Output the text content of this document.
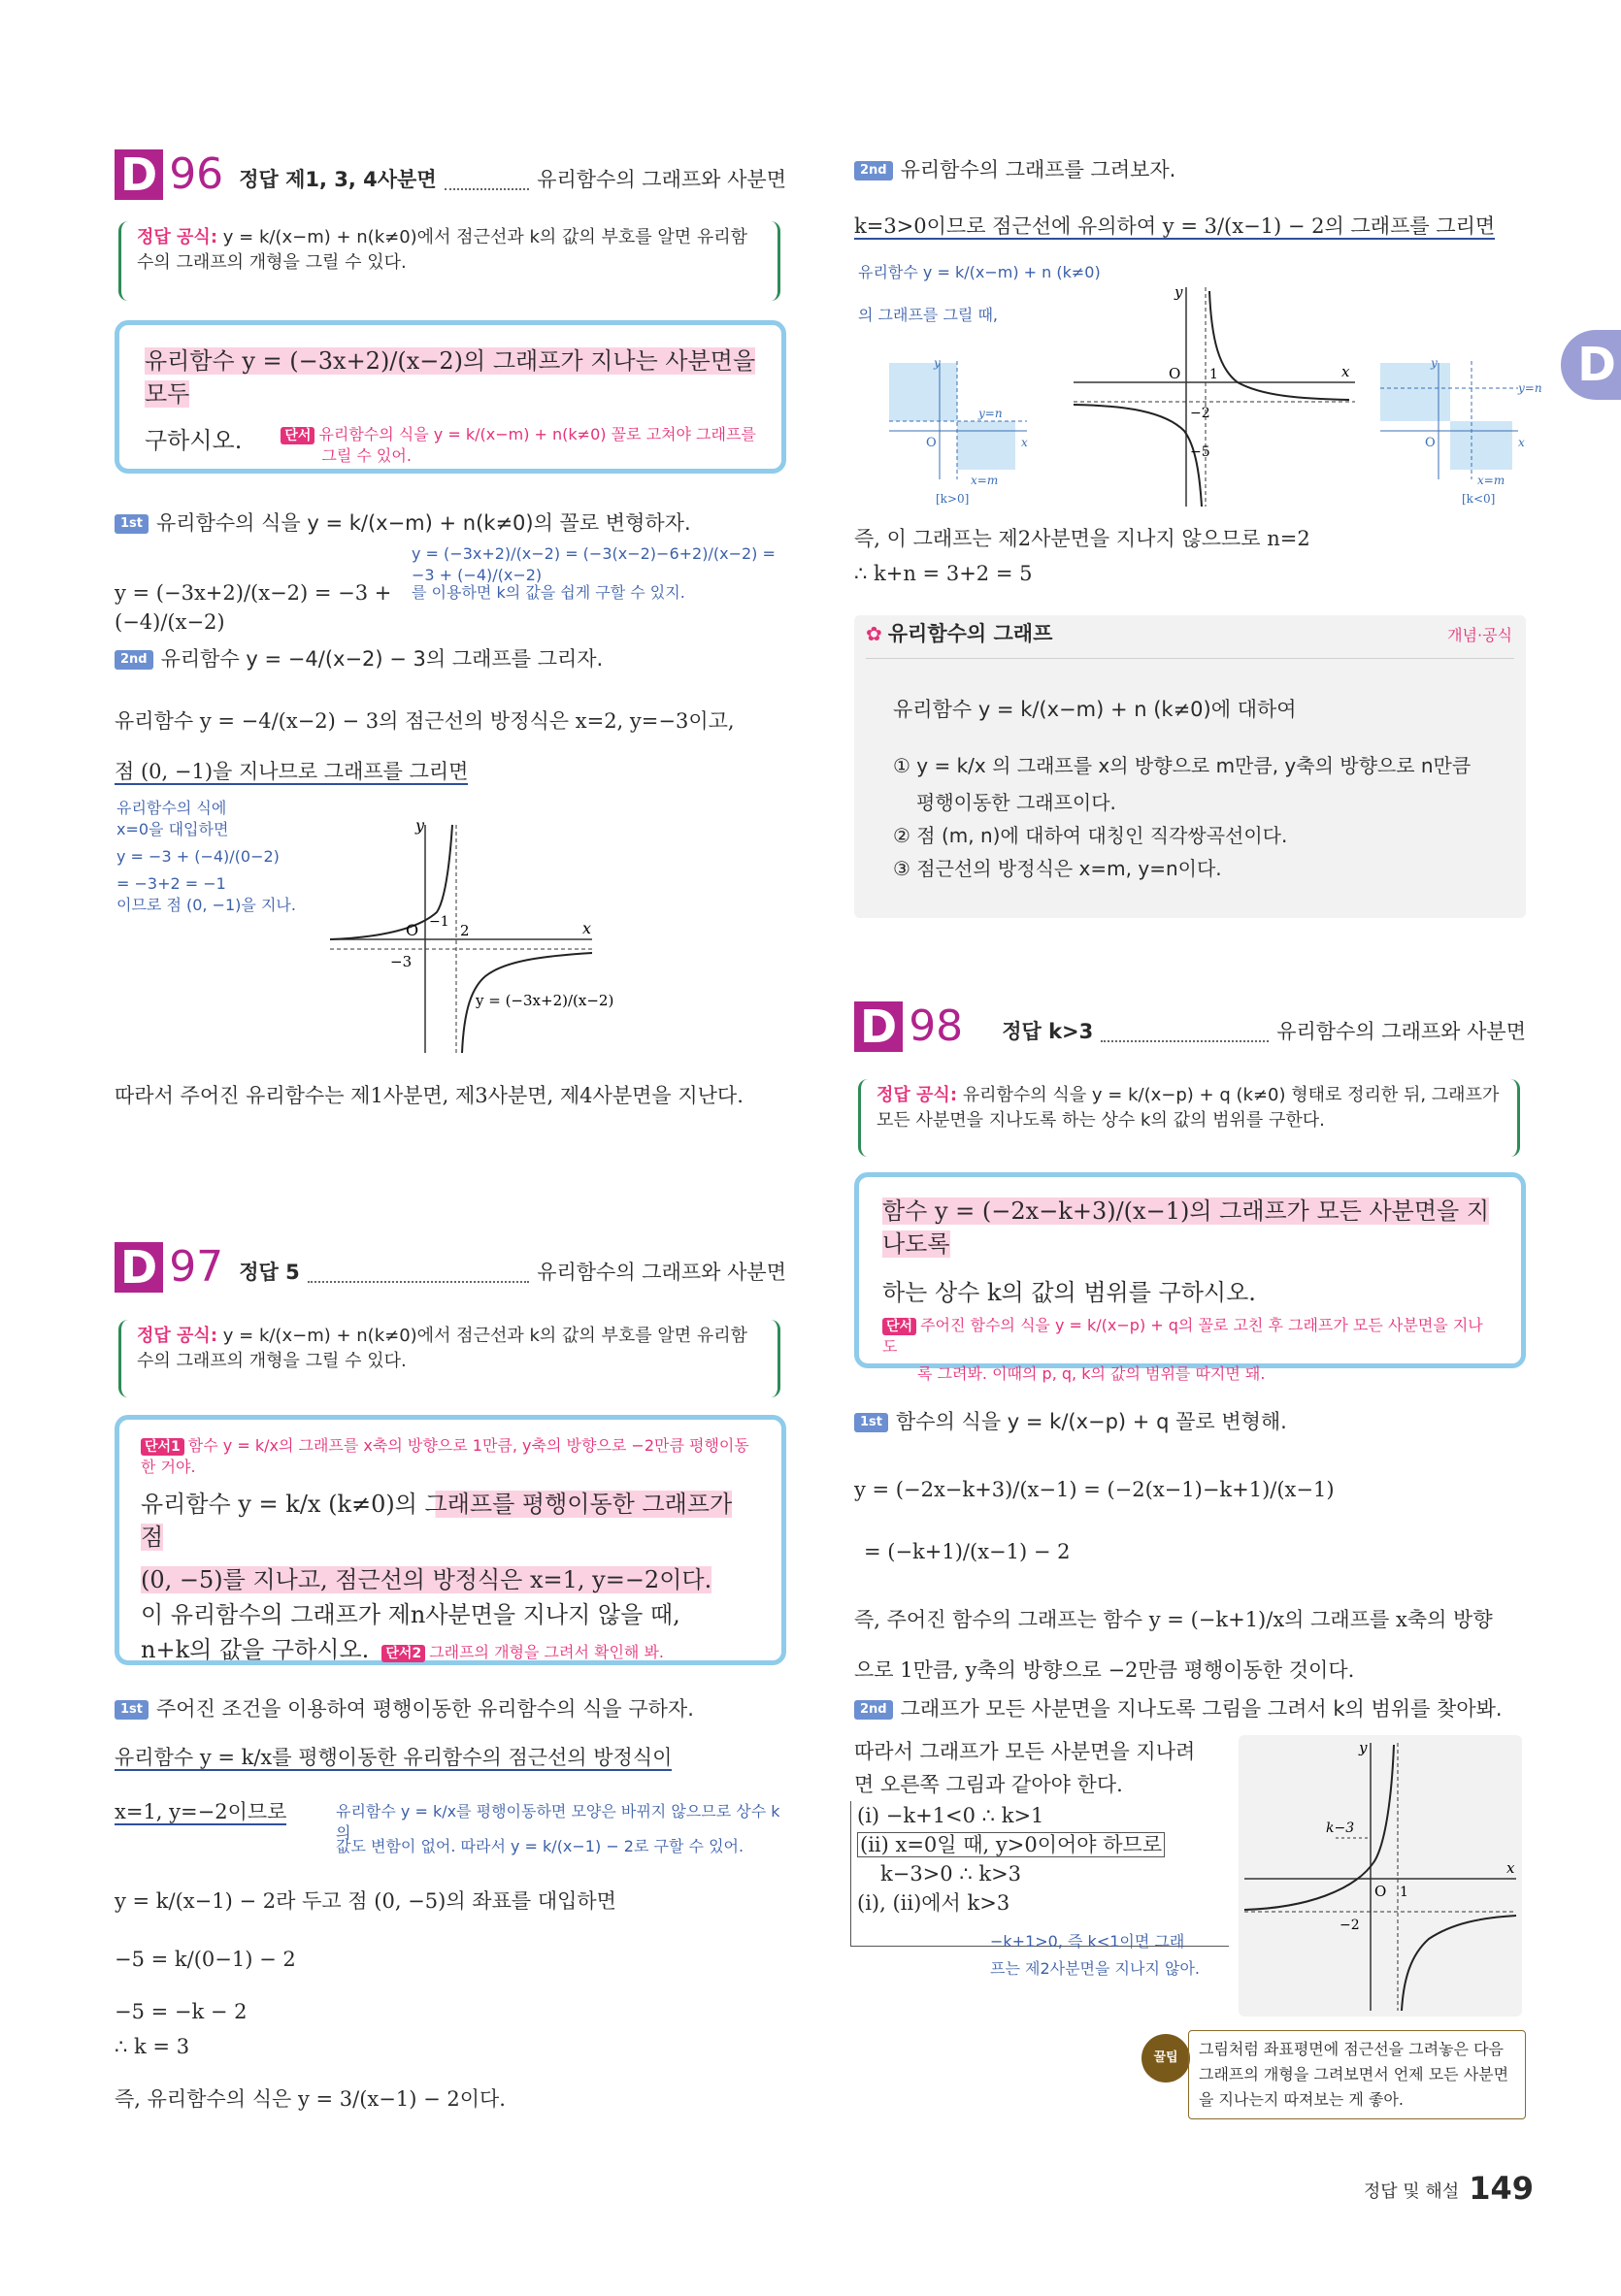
D
D 96 정답 제1, 3, 4사분면	유리함수의 그래프와 사분면
정답 공식: y = k/(x−m) + n(k≠0)에서 점근선과 k의 값의 부호를 알면 유리함
수의 그래프의 개형을 그릴 수 있다.
유리함수 y = (−3x+2)/(x−2)의 그래프가 지나는 사분면을 모두
구하시오.	단서 유리함수의 식을 y = k/(x−m) + n(k≠0) 꼴로 고쳐야 그래프를
그릴 수 있어.
1st 유리함수의 식을 y = k/(x−m) + n(k≠0)의 꼴로 변형하자.
y = (−3x+2)/(x−2) = (−3(x−2)−6+2)/(x−2) = −3 + (−4)/(x−2)
y = (−3x+2)/(x−2) = −3 + (−4)/(x−2)
를 이용하면 k의 값을 쉽게 구할 수 있지.
2nd 유리함수 y = −4/(x−2) − 3의 그래프를 그리자.
유리함수 y = −4/(x−2) − 3의 점근선의 방정식은 x=2, y=−3이고,
점 (0, −1)을 지나므로 그래프를 그리면
유리함수의 식에
x=0을 대입하면
y = −3 + (−4)/(0−2)
= −3+2 = −1
이므로 점 (0, −1)을 지나.
y
x
O	2
−1
−3
y = (−3x+2)/(x−2)
따라서 주어진 유리함수는 제1사분면, 제3사분면, 제4사분면을 지난다.
D 97 정답 5	유리함수의 그래프와 사분면
정답 공식: y = k/(x−m) + n(k≠0)에서 점근선과 k의 값의 부호를 알면 유리함
수의 그래프의 개형을 그릴 수 있다.
단서1 함수 y = k/x의 그래프를 x축의 방향으로 1만큼, y축의 방향으로 −2만큼 평행이동한 거야.
유리함수 y = k/x (k≠0)의 그래프를 평행이동한 그래프가 점
(0, −5)를 지나고, 점근선의 방정식은 x=1, y=−2이다.
이 유리함수의 그래프가 제n사분면을 지나지 않을 때,
n+k의 값을 구하시오. 단서2 그래프의 개형을 그려서 확인해 봐.
1st 주어진 조건을 이용하여 평행이동한 유리함수의 식을 구하자.
유리함수 y = k/x를 평행이동한 유리함수의 점근선의 방정식이
x=1, y=−2이므로	유리함수 y = k/x를 평행이동하면 모양은 바뀌지 않으므로 상수 k의
값도 변함이 없어. 따라서 y = k/(x−1) − 2로 구할 수 있어.
y = k/(x−1) − 2라 두고 점 (0, −5)의 좌표를 대입하면
−5 = k/(0−1) − 2
−5 = −k − 2
∴ k = 3
즉, 유리함수의 식은 y = 3/(x−1) − 2이다.
2nd 유리함수의 그래프를 그려보자.
k=3>0이므로 점근선에 유의하여 y = 3/(x−1) − 2의 그래프를 그리면
유리함수 y = k/(x−m) + n (k≠0)
의 그래프를 그릴 때,
y
x
O
y=n
x=m
[k>0]
y
x
O 1
−2
−5
y
x
O
y=n
x=m
[k<0]
즉, 이 그래프는 제2사분면을 지나지 않으므로 n=2
∴ k+n = 3+2 = 5
✿ 유리함수의 그래프	개념·공식
유리함수 y = k/(x−m) + n (k≠0)에 대하여
① y = k/x 의 그래프를 x의 방향으로 m만큼, y축의 방향으로 n만큼
평행이동한 그래프이다.
② 점 (m, n)에 대하여 대칭인 직각쌍곡선이다.
③ 점근선의 방정식은 x=m, y=n이다.
D 98 정답 k>3	유리함수의 그래프와 사분면
정답 공식: 유리함수의 식을 y = k/(x−p) + q (k≠0) 형태로 정리한 뒤, 그래프가
모든 사분면을 지나도록 하는 상수 k의 값의 범위를 구한다.
함수 y = (−2x−k+3)/(x−1)의 그래프가 모든 사분면을 지나도록
하는 상수 k의 값의 범위를 구하시오.
단서 주어진 함수의 식을 y = k/(x−p) + q의 꼴로 고친 후 그래프가 모든 사분면을 지나도
록 그려봐. 이때의 p, q, k의 값의 범위를 따지면 돼.
1st 함수의 식을 y = k/(x−p) + q 꼴로 변형해.
y = (−2x−k+3)/(x−1) = (−2(x−1)−k+1)/(x−1)
= (−k+1)/(x−1) − 2
즉, 주어진 함수의 그래프는 함수 y = (−k+1)/x의 그래프를 x축의 방향
으로 1만큼, y축의 방향으로 −2만큼 평행이동한 것이다.
2nd 그래프가 모든 사분면을 지나도록 그림을 그려서 k의 범위를 찾아봐.
따라서 그래프가 모든 사분면을 지나려
면 오른쪽 그림과 같아야 한다.
(i) −k+1<0 ∴ k>1
(ii) x=0일 때, y>0이어야 하므로
k−3>0 ∴ k>3
(i), (ii)에서 k>3
−k+1>0, 즉 k<1이면 그래
프는 제2사분면을 지나지 않아.
y
x
O 1
k−3
−2
꿀팁	그림처럼 좌표평면에 점근선을 그려놓은 다음
그래프의 개형을 그려보면서 언제 모든 사분면
을 지나는지 따져보는 게 좋아.
정답 및 해설 149
